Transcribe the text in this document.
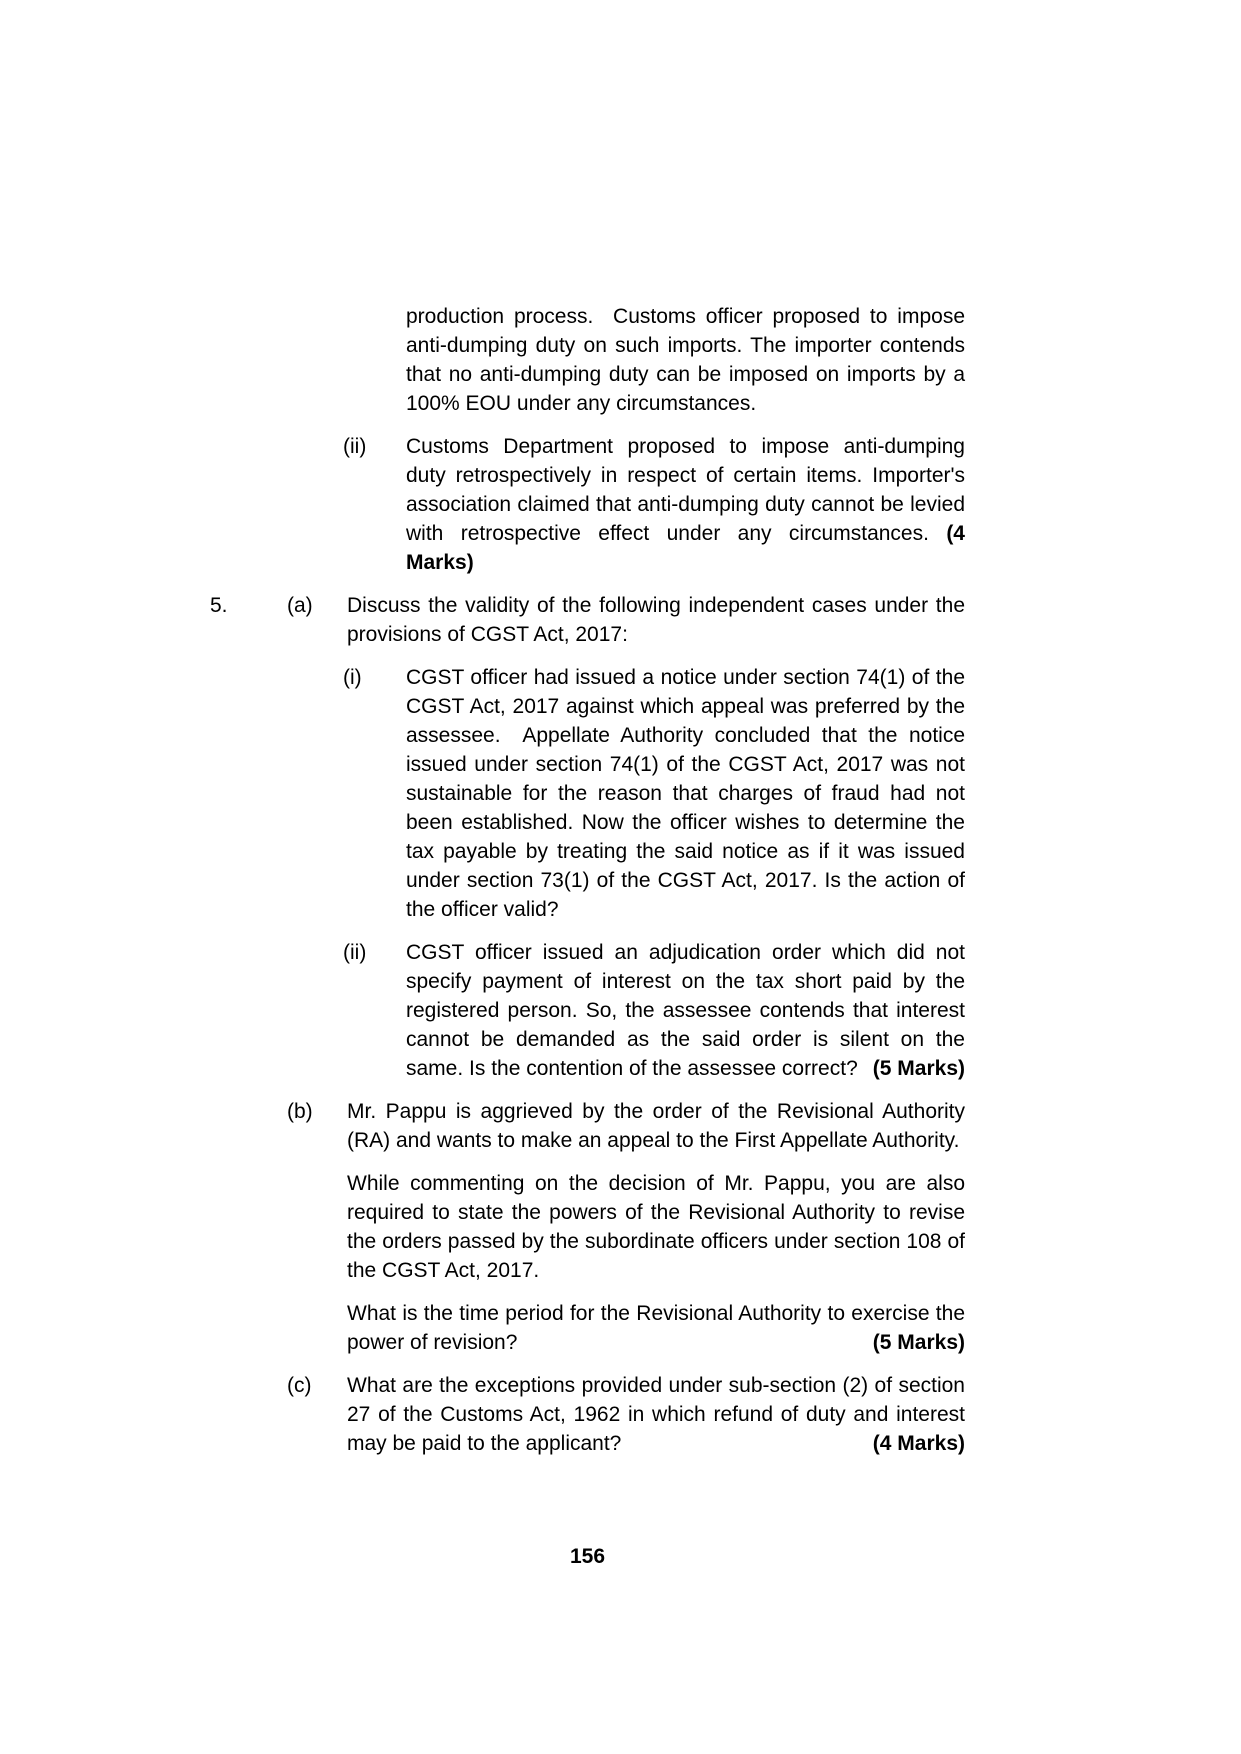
production process.  Customs officer proposed to impose anti-dumping duty on such imports. The importer contends that no anti-dumping duty can be imposed on imports by a 100% EOU under any circumstances.

(ii)	Customs Department proposed to impose anti-dumping duty retrospectively in respect of certain items. Importer's association claimed that anti-dumping duty cannot be levied with retrospective effect under any circumstances. (4 Marks)

5.	(a)	Discuss the validity of the following independent cases under the provisions of CGST Act, 2017:

(i)	CGST officer had issued a notice under section 74(1) of the CGST Act, 2017 against which appeal was preferred by the assessee.  Appellate Authority concluded that the notice issued under section 74(1) of the CGST Act, 2017 was not sustainable for the reason that charges of fraud had not been established. Now the officer wishes to determine the tax payable by treating the said notice as if it was issued under section 73(1) of the CGST Act, 2017. Is the action of the officer valid?

(ii)	CGST officer issued an adjudication order which did not specify payment of interest on the tax short paid by the registered person. So, the assessee contends that interest cannot be demanded as the said order is silent on the same. Is the contention of the assessee correct? (5 Marks)

(b)	Mr. Pappu is aggrieved by the order of the Revisional Authority (RA) and wants to make an appeal to the First Appellate Authority.

While commenting on the decision of Mr. Pappu, you are also required to state the powers of the Revisional Authority to revise the orders passed by the subordinate officers under section 108 of the CGST Act, 2017.

What is the time period for the Revisional Authority to exercise the power of revision?	(5 Marks)

(c)	What are the exceptions provided under sub-section (2) of section 27 of the Customs Act, 1962 in which refund of duty and interest may be paid to the applicant?	(4 Marks)

156
